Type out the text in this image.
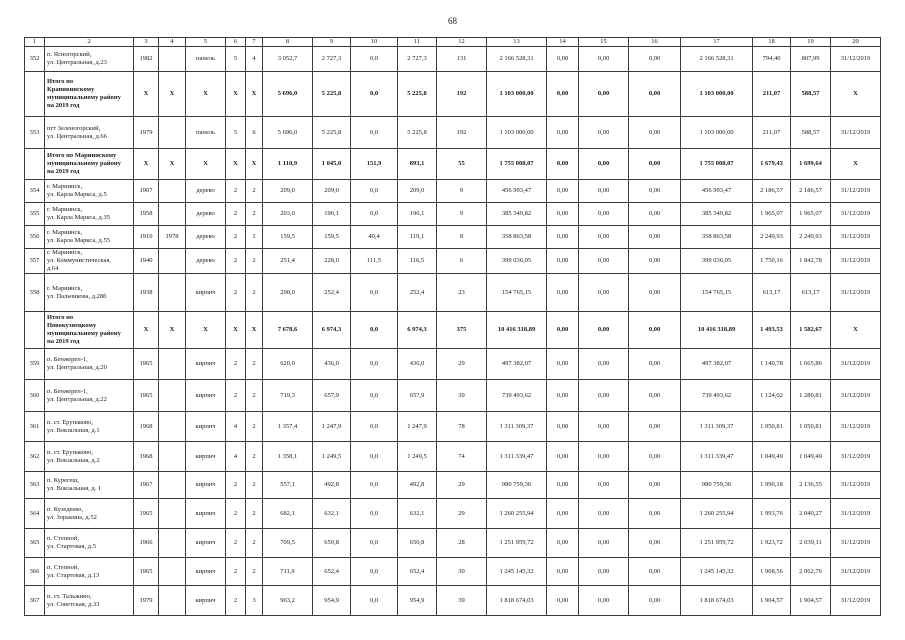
68
1	2	3	4	5	6	7	8	9	10	11	12	13	14	15	16	17	18	19	20
352	п. Ясногорский,
ул. Центральная, д.23	1982		панель	5	4	3 052,7	2 727,3	0,0	2 727,3	131	2 166 528,31	0,00	0,00	0,00	2 166 528,31	794,40	807,99	31/12/2019
	Итого по
Крапивинскому
муниципальному району
на 2019 год	X	X	X	X	X	5 696,0	5 225,8	0,0	5 225,8	192	1 103 000,00	0,00	0,00	0,00	1 103 000,00	211,07	588,57	X
353	пгт Зеленогорский,
ул. Центральная, д.66	1979		панель	5	6	5 696,0	5 225,8	0,0	5 225,8	192	1 103 000,00	0,00	0,00	0,00	1 103 000,00	211,07	588,57	31/12/2019
	Итого по Мариинскому
муниципальному району
на 2019 год	X	X	X	X	X	1 110,9	1 045,0	151,9	893,1	55	1 755 008,07	0,00	0,00	0,00	1 755 008,07	1 679,43	1 699,64	X
354	г. Мариинск,
ул. Карла Маркса, д.5	1967		дерево	2	2	209,0	209,0	0,0	209,0	9	456 993,47	0,00	0,00	0,00	456 993,47	2 186,57	2 186,57	31/12/2019
355	г. Мариинск,
ул. Карла Маркса, д.35	1958		дерево	2	2	203,0	196,1	0,0	196,1	9	385 349,82	0,00	0,00	0,00	385 349,82	1 965,07	1 965,07	31/12/2019
356	г. Мариинск,
ул. Карла Маркса, д.55	1910	1978	дерево	2	1	159,5	159,5	40,4	119,1	8	358 863,58	0,00	0,00	0,00	358 863,58	2 249,93	2 249,93	31/12/2019
357	г. Мариинск,
ул. Коммунистическая,
д.64	1940		дерево	2	2	251,4	228,0	111,5	116,5	6	399 036,05	0,00	0,00	0,00	399 036,05	1 750,16	1 842,78	31/12/2019
358	г. Мариинск,
ул. Пальчикова, д.28б	1938		кирпич	2	2	298,0	252,4	0,0	252,4	23	154 765,15	0,00	0,00	0,00	154 765,15	613,17	613,17	31/12/2019
	Итого по
Новокузнецкому
муниципальному району
на 2019 год	X	X	X	X	X	7 678,6	6 974,3	0,0	6 974,3	375	10 416 318,89	0,00	0,00	0,00	10 416 318,89	1 493,53	1 582,67	X
359	п. Бенжереп-1,
ул. Центральная, д.20	1965		кирпич	2	2	620,0	436,0	0,0	436,0	29	497 382,07	0,00	0,00	0,00	497 382,07	1 140,78	1 665,86	31/12/2019
360	п. Бенжереп-1,
ул. Центральная, д.22	1965		кирпич	2	2	719,3	657,9	0,0	657,9	39	739 493,62	0,00	0,00	0,00	739 493,62	1 124,02	1 280,81	31/12/2019
361	п. ст. Ерунаково,
ул. Вокзальная, д.1	1968		кирпич	4	2	1 357,4	1 247,9	0,0	1 247,9	78	1 311 309,37	0,00	0,00	0,00	1 311 309,37	1 050,81	1 050,81	31/12/2019
362	п. ст. Ерунаково,
ул. Вокзальная, д.2	1968		кирпич	4	2	1 358,1	1 249,5	0,0	1 249,5	74	1 311 339,47	0,00	0,00	0,00	1 311 339,47	1 049,49	1 049,49	31/12/2019
363	п. Курегеш,
ул. Вокзальная, д. 1	1967		кирпич	2	2	557,1	492,8	0,0	492,8	29	980 759,36	0,00	0,00	0,00	980 759,36	1 990,18	2 136,55	31/12/2019
364	п. Кузедеево,
ул. Зорькина, д.52	1965		кирпич	2	2	682,1	632,1	0,0	632,1	29	1 260 255,94	0,00	0,00	0,00	1 260 255,94	1 993,76	2 040,27	31/12/2019
365	п. Степной,
ул. Стартовая, д.5	1966		кирпич	2	2	709,5	650,8	0,0	650,8	28	1 251 959,72	0,00	0,00	0,00	1 251 959,72	1 923,72	2 039,11	31/12/2019
366	п. Степной,
ул. Стартовая, д.13	1965		кирпич	2	2	711,9	652,4	0,0	652,4	30	1 245 145,32	0,00	0,00	0,00	1 245 145,32	1 908,56	2 062,76	31/12/2019
367	п. ст. Тальжино,
ул. Советская, д.33	1979		кирпич	2	3	963,2	954,9	0,0	954,9	39	1 818 674,03	0,00	0,00	0,00	1 818 674,03	1 904,57	1 904,57	31/12/2019
